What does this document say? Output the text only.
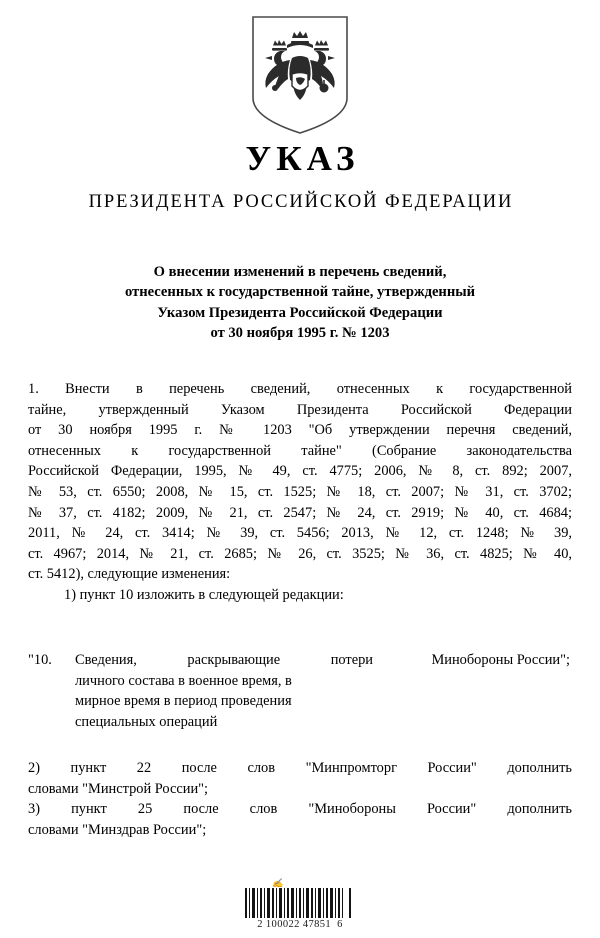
УКАЗ
ПРЕЗИДЕНТА РОССИЙСКОЙ ФЕДЕРАЦИИ
О внесении изменений в перечень сведений,
отнесенных к государственной тайне, утвержденный
Указом Президента Российской Федерации
от 30 ноября 1995 г. № 1203
1. Внести в перечень сведений, отнесенных к государственной
тайне, утвержденный Указом Президента Российской Федерации
от 30 ноября 1995 г. № 1203 "Об утверждении перечня сведений,
отнесенных к государственной тайне" (Собрание законодательства
Российской Федерации, 1995, № 49, ст. 4775; 2006, № 8, ст. 892; 2007,
№ 53, ст. 6550; 2008, № 15, ст. 1525; № 18, ст. 2007; № 31, ст. 3702;
№ 37, ст. 4182; 2009, № 21, ст. 2547; № 24, ст. 2919; № 40, ст. 4684;
2011, № 24, ст. 3414; № 39, ст. 5456; 2013, № 12, ст. 1248; № 39,
ст. 4967; 2014, № 21, ст. 2685; № 26, ст. 3525; № 36, ст. 4825; № 40,
ст. 5412), следующие изменения:
1) пункт 10 изложить в следующей редакции:
"10.	Сведения, раскрывающие потери
личного состава в военное время, в
мирное время в период проведения
специальных операций
Минобороны России";
2) пункт 22 после слов "Минпромторг России" дополнить
словами "Минстрой России";
3) пункт 25 после слов "Минобороны России" дополнить
словами "Минздрав России";
✍
2 100022 47851  6
